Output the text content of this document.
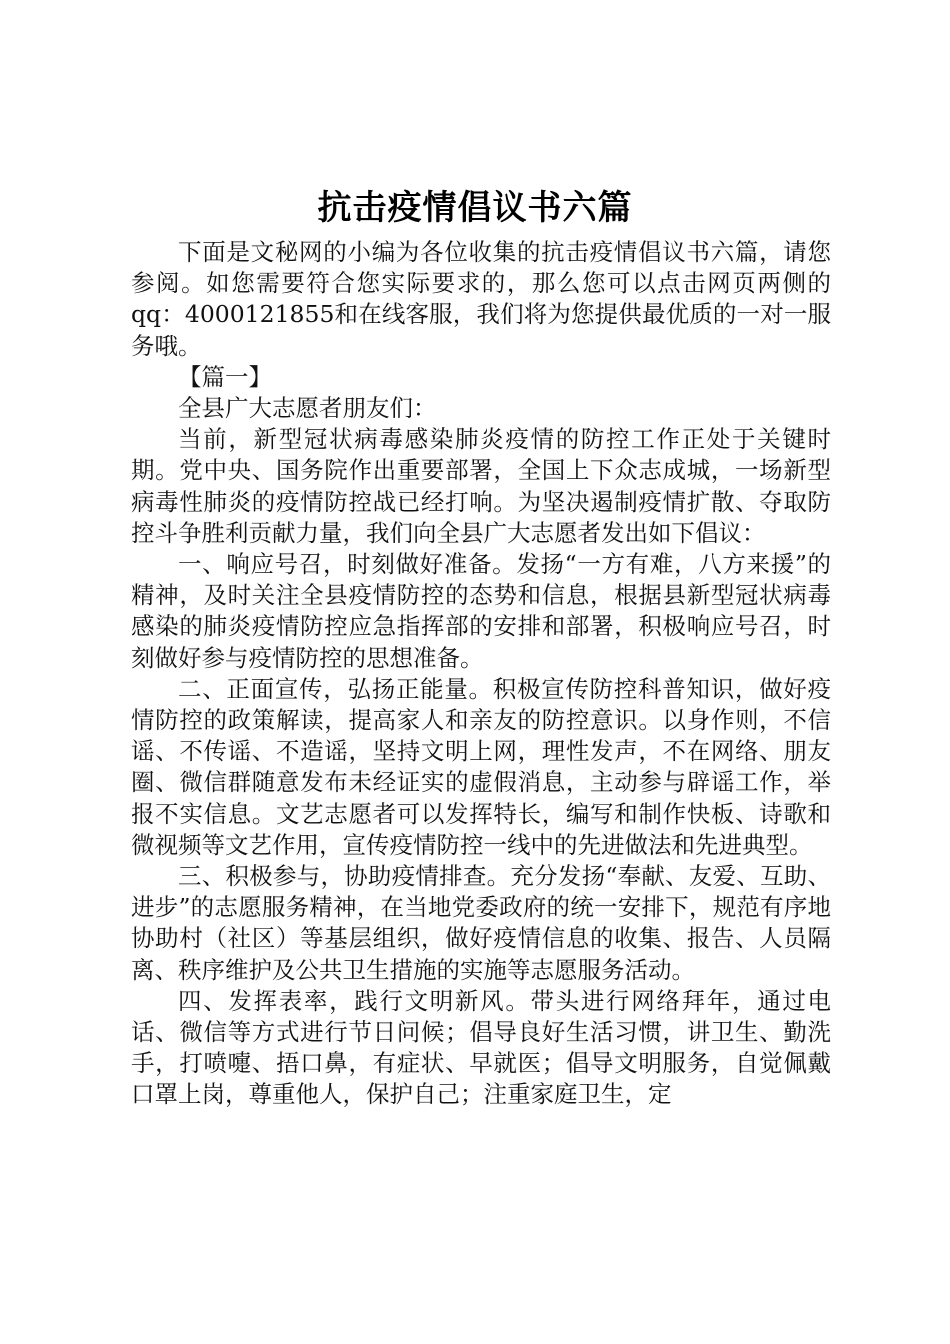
抗击疫情倡议书六篇

下面是文秘网的小编为各位收集的抗击疫情倡议书六篇，请您参阅。如您需要符合您实际要求的，那么您可以点击网页两侧的qq：4000121855和在线客服，我们将为您提供最优质的一对一服务哦。

【篇一】

全县广大志愿者朋友们：

当前，新型冠状病毒感染肺炎疫情的防控工作正处于关键时期。党中央、国务院作出重要部署，全国上下众志成城，一场新型病毒性肺炎的疫情防控战已经打响。为坚决遏制疫情扩散、夺取防控斗争胜利贡献力量，我们向全县广大志愿者发出如下倡议：

一、响应号召，时刻做好准备。发扬“一方有难，八方来援”的精神，及时关注全县疫情防控的态势和信息，根据县新型冠状病毒感染的肺炎疫情防控应急指挥部的安排和部署，积极响应号召，时刻做好参与疫情防控的思想准备。

二、正面宣传，弘扬正能量。积极宣传防控科普知识，做好疫情防控的政策解读，提高家人和亲友的防控意识。以身作则，不信谣、不传谣、不造谣，坚持文明上网，理性发声，不在网络、朋友圈、微信群随意发布未经证实的虚假消息，主动参与辟谣工作，举报不实信息。文艺志愿者可以发挥特长，编写和制作快板、诗歌和微视频等文艺作用，宣传疫情防控一线中的先进做法和先进典型。

三、积极参与，协助疫情排查。充分发扬“奉献、友爱、互助、进步”的志愿服务精神，在当地党委政府的统一安排下，规范有序地协助村（社区）等基层组织，做好疫情信息的收集、报告、人员隔离、秩序维护及公共卫生措施的实施等志愿服务活动。

四、发挥表率，践行文明新风。带头进行网络拜年，通过电话、微信等方式进行节日问候；倡导良好生活习惯，讲卫生、勤洗手，打喷嚏、捂口鼻，有症状、早就医；倡导文明服务，自觉佩戴口罩上岗，尊重他人，保护自己；注重家庭卫生，定
